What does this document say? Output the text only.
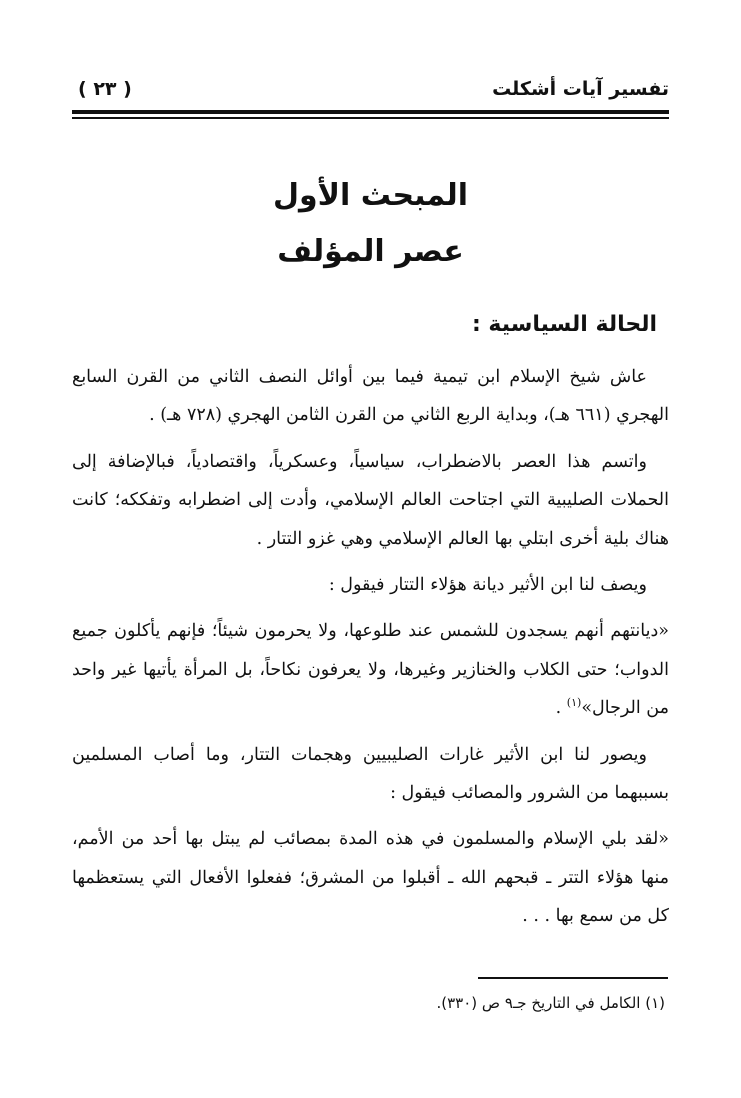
تفسير آيات أشكلت
( ٢٣ )
المبحث الأول
عصر المؤلف
الحالة السياسية :

عاش شيخ الإسلام ابن تيمية فيما بين أوائل النصف الثاني من القرن السابع الهجري (٦٦١ هـ)، وبداية الربع الثاني من القرن الثامن الهجري (٧٢٨ هـ) .

واتسم هذا العصر بالاضطراب، سياسياً، وعسكرياً، واقتصادياً، فبالإضافة إلى الحملات الصليبية التي اجتاحت العالم الإسلامي، وأدت إلى اضطرابه وتفككه؛ كانت هناك بلية أخرى ابتلي بها العالم الإسلامي وهي غزو التتار .

ويصف لنا ابن الأثير ديانة هؤلاء التتار فيقول :

«ديانتهم أنهم يسجدون للشمس عند طلوعها، ولا يحرمون شيئاً؛ فإنهم يأكلون جميع الدواب؛ حتى الكلاب والخنازير وغيرها، ولا يعرفون نكاحاً، بل المرأة يأتيها غير واحد من الرجال»$^{(١)}$ .

ويصور لنا ابن الأثير غارات الصليبيين وهجمات التتار، وما أصاب المسلمين بسببهما من الشرور والمصائب فيقول :

«لقد بلي الإسلام والمسلمون في هذه المدة بمصائب لم يبتل بها أحد من الأمم، منها هؤلاء التتر ـ قبحهم الله ـ أقبلوا من المشرق؛ ففعلوا الأفعال التي يستعظمها كل من سمع بها . . .

(١) الكامل في التاريخ جـ٩ ص (٣٣٠).
